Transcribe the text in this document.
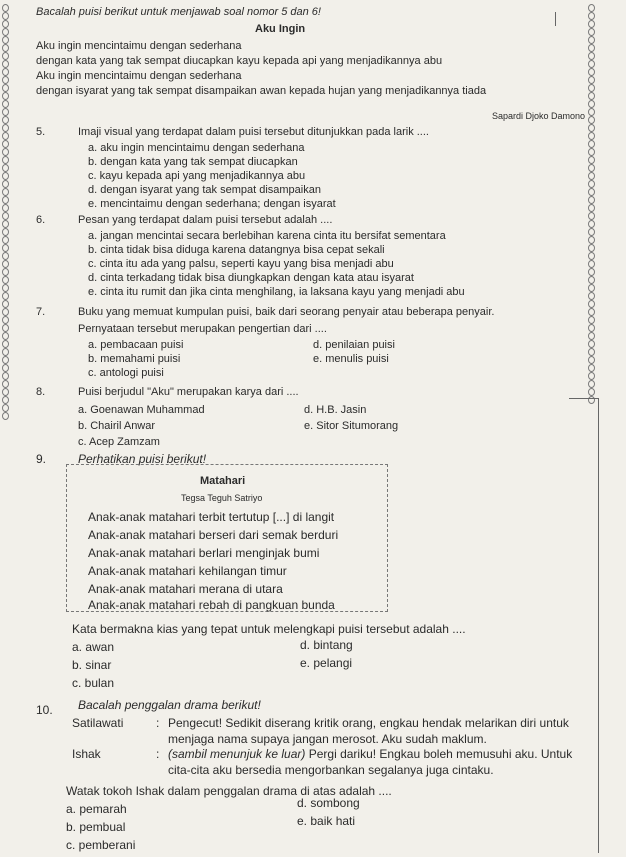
Bacalah puisi berikut untuk menjawab soal nomor 5 dan 6!
Aku Ingin
Aku ingin mencintaimu dengan sederhana
dengan kata yang tak sempat diucapkan kayu kepada api yang menjadikannya abu
Aku ingin mencintaimu dengan sederhana
dengan isyarat yang tak sempat disampaikan awan kepada hujan yang menjadikannya tiada
Sapardi Djoko Damono
5.	Imaji visual yang terdapat dalam puisi tersebut ditunjukkan pada larik ....
a. aku ingin mencintaimu dengan sederhana
b. dengan kata yang tak sempat diucapkan
c. kayu kepada api yang menjadikannya abu
d. dengan isyarat yang tak sempat disampaikan
e. mencintaimu dengan sederhana; dengan isyarat
6.	Pesan yang terdapat dalam puisi tersebut adalah ....
a. jangan mencintai secara berlebihan karena cinta itu bersifat sementara
b. cinta tidak bisa diduga karena datangnya bisa cepat sekali
c. cinta itu ada yang palsu, seperti kayu yang bisa menjadi abu
d. cinta terkadang tidak bisa diungkapkan dengan kata atau isyarat
e. cinta itu rumit dan jika cinta menghilang, ia laksana kayu yang menjadi abu
7.	Buku yang memuat kumpulan puisi, baik dari seorang penyair atau beberapa penyair.
Pernyataan tersebut merupakan pengertian dari ....
a. pembacaan puisi
b. memahami puisi
c. antologi puisi
d. penilaian puisi
e. menulis puisi
8.	Puisi berjudul "Aku" merupakan karya dari ....
a. Goenawan Muhammad
b. Chairil Anwar
c. Acep Zamzam
d. H.B. Jasin
e. Sitor Situmorang
9.	Perhatikan puisi berikut!
Matahari
Tegsa Teguh Satriyo
Anak-anak matahari terbit tertutup [...] di langit
Anak-anak matahari berseri dari semak berduri
Anak-anak matahari berlari menginjak bumi
Anak-anak matahari kehilangan timur
Anak-anak matahari merana di utara
Anak-anak matahari rebah di pangkuan bunda
Kata bermakna kias yang tepat untuk melengkapi puisi tersebut adalah ....
a. awan
b. sinar
c. bulan
d. bintang
e. pelangi
10. Bacalah penggalan drama berikut!
Satilawati	: Pengecut! Sedikit diserang kritik orang, engkau hendak melarikan diri untuk
menjaga nama supaya jangan merosot. Aku sudah maklum.
Ishak	: (sambil menunjuk ke luar) Pergi dariku! Engkau boleh memusuhi aku. Untuk
cita-cita aku bersedia mengorbankan segalanya juga cintaku.
Watak tokoh Ishak dalam penggalan drama di atas adalah ....
a. pemarah
b. pembual
c. pemberani
d. sombong
e. baik hati
